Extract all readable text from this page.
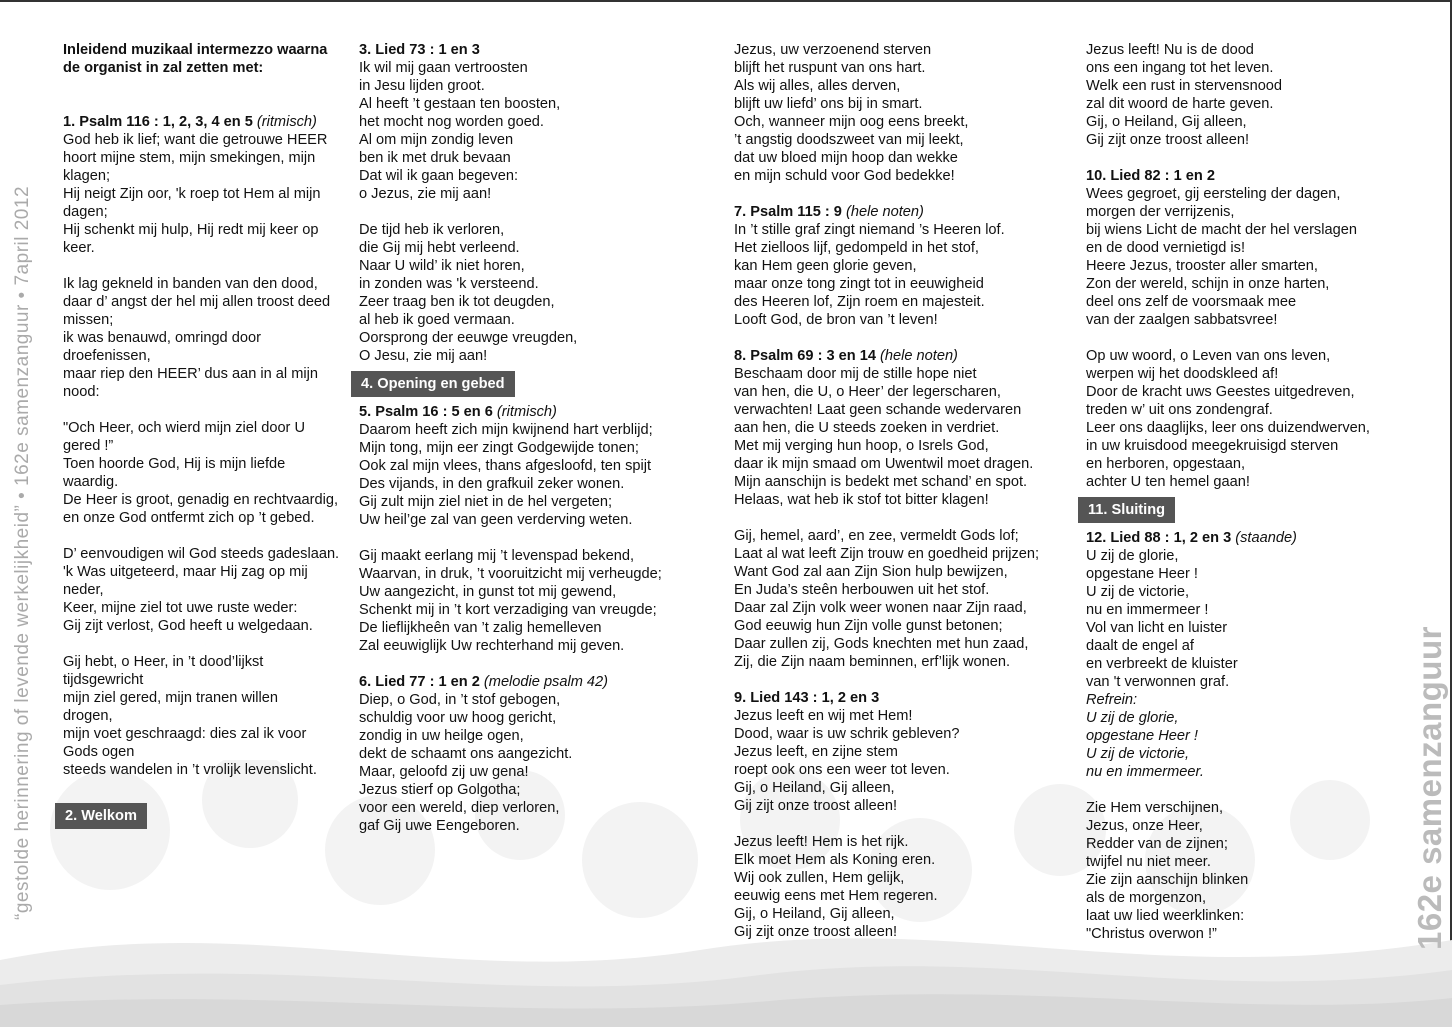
“gestolde herinnering of levende werkelijkheid” • 162e samenzanguur • 7april 2012	162e samenzanguur
Inleidend muzikaal intermezzo waarna
de organist in zal zetten met:
1. Psalm 116 : 1, 2, 3, 4 en 5 (ritmisch)
God heb ik lief; want die getrouwe HEER
hoort mijne stem, mijn smekingen, mijn
klagen;
Hij neigt Zijn oor, 'k roep tot Hem al mijn
dagen;
Hij schenkt mij hulp, Hij redt mij keer op
keer.
Ik lag gekneld in banden van den dood,
daar d’ angst der hel mij allen troost deed
missen;
ik was benauwd, omringd door
droefenissen,
maar riep den HEER’ dus aan in al mijn
nood:
"Och Heer, och wierd mijn ziel door U
gered !”
Toen hoorde God, Hij is mijn liefde
waardig.
De Heer is groot, genadig en rechtvaardig,
en onze God ontfermt zich op ’t gebed.
D’ eenvoudigen wil God steeds gadeslaan.
'k Was uitgeteerd, maar Hij zag op mij
neder,
Keer, mijne ziel tot uwe ruste weder:
Gij zijt verlost, God heeft u welgedaan.
Gij hebt, o Heer, in ’t dood’lijkst
tijdsgewricht
mijn ziel gered, mijn tranen willen
drogen,
mijn voet geschraagd: dies zal ik voor
Gods ogen
steeds wandelen in ’t vrolijk levenslicht.
2. Welkom
3. Lied 73 : 1 en 3
Ik wil mij gaan vertroosten
in Jesu lijden groot.
Al heeft ’t gestaan ten boosten,
het mocht nog worden goed.
Al om mijn zondig leven
ben ik met druk bevaan
Dat wil ik gaan begeven:
o Jezus, zie mij aan!
De tijd heb ik verloren,
die Gij mij hebt verleend.
Naar U wild’ ik niet horen,
in zonden was 'k versteend.
Zeer traag ben ik tot deugden,
al heb ik goed vermaan.
Oorsprong der eeuwge vreugden,
O Jesu, zie mij aan!
4. Opening en gebed
5. Psalm 16 : 5 en 6 (ritmisch)
Daarom heeft zich mijn kwijnend hart verblijd;
Mijn tong, mijn eer zingt Godgewijde tonen;
Ook zal mijn vlees, thans afgesloofd, ten spijt
Des vijands, in den grafkuil zeker wonen.
Gij zult mijn ziel niet in de hel vergeten;
Uw heil’ge zal van geen verderving weten.
Gij maakt eerlang mij ’t levenspad bekend,
Waarvan, in druk, ’t vooruitzicht mij verheugde;
Uw aangezicht, in gunst tot mij gewend,
Schenkt mij in ’t kort verzadiging van vreugde;
De lieflijkheên van ’t zalig hemelleven
Zal eeuwiglijk Uw rechterhand mij geven.
6. Lied 77 : 1 en 2 (melodie psalm 42)
Diep, o God, in ’t stof gebogen,
schuldig voor uw hoog gericht,
zondig in uw heilge ogen,
dekt de schaamt ons aangezicht.
Maar, geloofd zij uw gena!
Jezus stierf op Golgotha;
voor een wereld, diep verloren,
gaf Gij uwe Eengeboren.
Jezus, uw verzoenend sterven
blijft het ruspunt van ons hart.
Als wij alles, alles derven,
blijft uw liefd’ ons bij in smart.
Och, wanneer mijn oog eens breekt,
’t angstig doodszweet van mij leekt,
dat uw bloed mijn hoop dan wekke
en mijn schuld voor God bedekke!
7. Psalm 115 : 9 (hele noten)
In ’t stille graf zingt niemand ’s Heeren lof.
Het zielloos lijf, gedompeld in het stof,
kan Hem geen glorie geven,
maar onze tong zingt tot in eeuwigheid
des Heeren lof, Zijn roem en majesteit.
Looft God, de bron van ’t leven!
8. Psalm 69 : 3 en 14 (hele noten)
Beschaam door mij de stille hope niet
van hen, die U, o Heer’ der legerscharen,
verwachten! Laat geen schande wedervaren
aan hen, die U steeds zoeken in verdriet.
Met mij verging hun hoop, o Isrels God,
daar ik mijn smaad om Uwentwil moet dragen.
Mijn aanschijn is bedekt met schand’ en spot.
Helaas, wat heb ik stof tot bitter klagen!
Gij, hemel, aard’, en zee, vermeldt Gods lof;
Laat al wat leeft Zijn trouw en goedheid prijzen;
Want God zal aan Zijn Sion hulp bewijzen,
En Juda’s steên herbouwen uit het stof.
Daar zal Zijn volk weer wonen naar Zijn raad,
God eeuwig hun Zijn volle gunst betonen;
Daar zullen zij, Gods knechten met hun zaad,
Zij, die Zijn naam beminnen, erf’lijk wonen.
9. Lied 143 : 1, 2 en 3
Jezus leeft en wij met Hem!
Dood, waar is uw schrik gebleven?
Jezus leeft, en zijne stem
roept ook ons een weer tot leven.
Gij, o Heiland, Gij alleen,
Gij zijt onze troost alleen!
Jezus leeft! Hem is het rijk.
Elk moet Hem als Koning eren.
Wij ook zullen, Hem gelijk,
eeuwig eens met Hem regeren.
Gij, o Heiland, Gij alleen,
Gij zijt onze troost alleen!
Jezus leeft! Nu is de dood
ons een ingang tot het leven.
Welk een rust in stervensnood
zal dit woord de harte geven.
Gij, o Heiland, Gij alleen,
Gij zijt onze troost alleen!
10. Lied 82 : 1 en 2
Wees gegroet, gij eersteling der dagen,
morgen der verrijzenis,
bij wiens Licht de macht der hel verslagen
en de dood vernietigd is!
Heere Jezus, trooster aller smarten,
Zon der wereld, schijn in onze harten,
deel ons zelf de voorsmaak mee
van der zaalgen sabbatsvree!
Op uw woord, o Leven van ons leven,
werpen wij het doodskleed af!
Door de kracht uws Geestes uitgedreven,
treden w’ uit ons zondengraf.
Leer ons daaglijks, leer ons duizendwerven,
in uw kruisdood meegekruisigd sterven
en herboren, opgestaan,
achter U ten hemel gaan!
11. Sluiting
12. Lied 88 : 1, 2 en 3 (staande)
U zij de glorie,
opgestane Heer !
U zij de victorie,
nu en immermeer !
Vol van licht en luister
daalt de engel af
en verbreekt de kluister
van 't verwonnen graf.
Refrein:
U zij de glorie,
opgestane Heer !
U zij de victorie,
nu en immermeer.
Zie Hem verschijnen,
Jezus, onze Heer,
Redder van de zijnen;
twijfel nu niet meer.
Zie zijn aanschijn blinken
als de morgenzon,
laat uw lied weerklinken:
"Christus overwon !”
